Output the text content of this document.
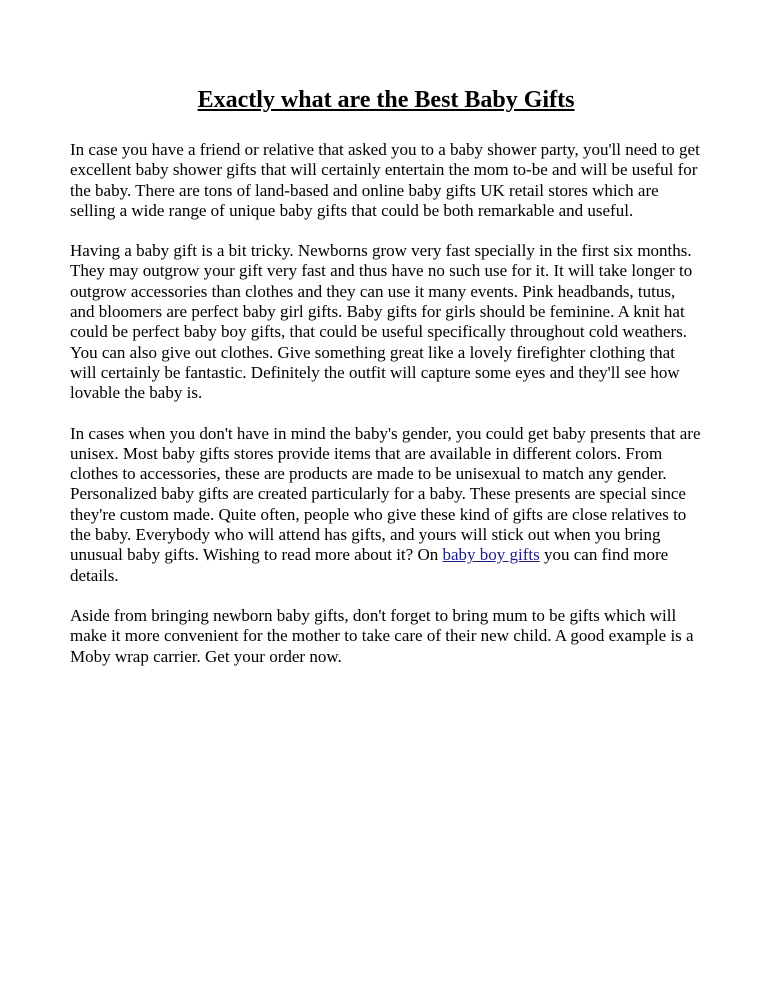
Exactly what are the Best Baby Gifts

In case you have a friend or relative that asked you to a baby shower party, you'll need to get excellent baby shower gifts that will certainly entertain the mom to-be and will be useful for the baby. There are tons of land-based and online baby gifts UK retail stores which are selling a wide range of unique baby gifts that could be both remarkable and useful.

Having a baby gift is a bit tricky. Newborns grow very fast specially in the first six months. They may outgrow your gift very fast and thus have no such use for it. It will take longer to outgrow accessories than clothes and they can use it many events. Pink headbands, tutus, and bloomers are perfect baby girl gifts. Baby gifts for girls should be feminine. A knit hat could be perfect baby boy gifts, that could be useful specifically throughout cold weathers. You can also give out clothes. Give something great like a lovely firefighter clothing that will certainly be fantastic. Definitely the outfit will capture some eyes and they'll see how lovable the baby is.

In cases when you don't have in mind the baby's gender, you could get baby presents that are unisex. Most baby gifts stores provide items that are available in different colors. From clothes to accessories, these are products are made to be unisexual to match any gender. Personalized baby gifts are created particularly for a baby. These presents are special since they're custom made. Quite often, people who give these kind of gifts are close relatives to the baby. Everybody who will attend has gifts, and yours will stick out when you bring unusual baby gifts. Wishing to read more about it? On baby boy gifts you can find more details.

Aside from bringing newborn baby gifts, don't forget to bring mum to be gifts which will make it more convenient for the mother to take care of their new child. A good example is a Moby wrap carrier. Get your order now.
